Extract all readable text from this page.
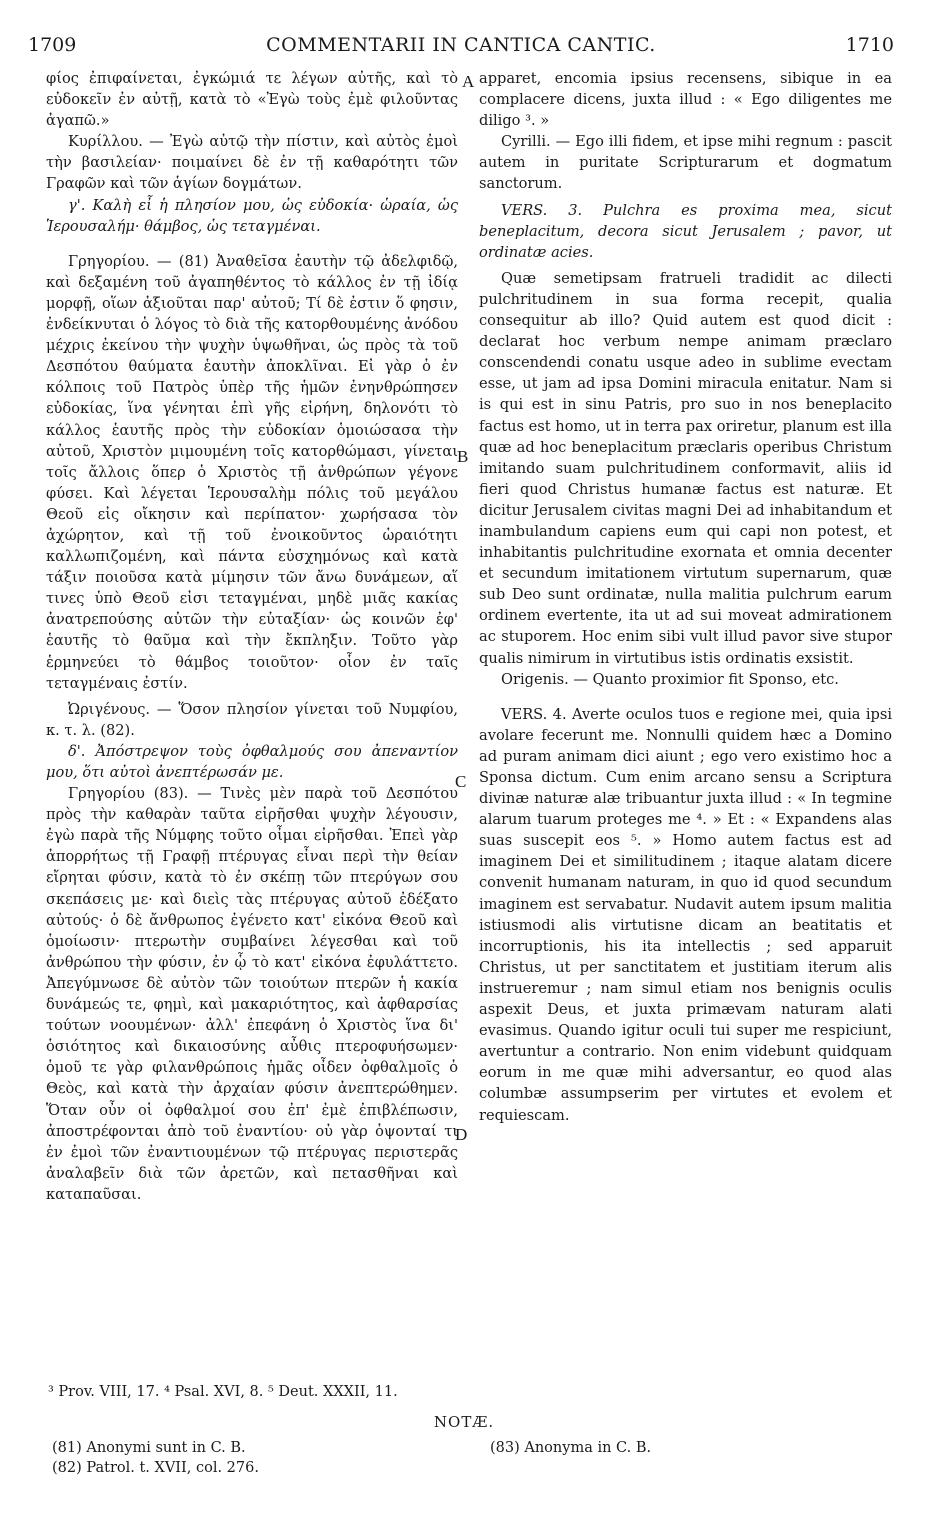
1709	COMMENTARII IN CANTICA CANTIC.	1710

φίος ἐπιφαίνεται, ἐγκώμιά τε λέγων αὐτῆς, καὶ τὸ εὐδοκεῖν ἐν αὐτῇ, κατὰ τὸ «Ἐγὼ τοὺς ἐμὲ φιλοῦντας ἀγαπῶ.»

Κυρίλλου. — Ἐγὼ αὐτῷ τὴν πίστιν, καὶ αὐτὸς ἐμοὶ τὴν βασιλείαν· ποιμαίνει δὲ ἐν τῇ καθαρότητι τῶν Γραφῶν καὶ τῶν ἁγίων δογμάτων.

γ'. Καλὴ εἶ ἡ πλησίον μου, ὡς εὐδοκία· ὡραία, ὡς Ἱερουσαλήμ· θάμβος, ὡς τεταγμέναι.

Γρηγορίου. — (81) Ἀναθεῖσα ἑαυτὴν τῷ ἀδελφιδῷ, καὶ δεξαμένη τοῦ ἀγαπηθέντος τὸ κάλλος ἐν τῇ ἰδίᾳ μορφῇ, οἵων ἀξιοῦται παρ' αὐτοῦ; Τί δὲ ἐστιν ὅ φησιν, ἐνδείκνυται ὁ λόγος τὸ διὰ τῆς κατορθουμένης ἀνόδου μέχρις ἐκείνου τὴν ψυχὴν ὑψωθῆναι, ὡς πρὸς τὰ τοῦ Δεσπότου θαύματα ἑαυτὴν ἀποκλῖναι. Εἰ γὰρ ὁ ἐν κόλποις τοῦ Πατρὸς ὑπὲρ τῆς ἡμῶν ἐνηνθρώπησεν εὐδοκίας, ἵνα γένηται ἐπὶ γῆς εἰρήνη, δηλονότι τὸ κάλλος ἑαυτῆς πρὸς τὴν εὐδοκίαν ὁμοιώσασα τὴν αὐτοῦ, Χριστὸν μιμουμένη τοῖς κατορθώμασι, γίνεται τοῖς ἄλλοις ὅπερ ὁ Χριστὸς τῇ ἀνθρώπων γέγονε φύσει. Καὶ λέγεται Ἱερουσαλὴμ πόλις τοῦ μεγάλου Θεοῦ εἰς οἴκησιν καὶ περίπατον· χωρήσασα τὸν ἀχώρητον, καὶ τῇ τοῦ ἐνοικοῦντος ὡραιότητι καλλωπιζομένη, καὶ πάντα εὐσχημόνως καὶ κατὰ τάξιν ποιοῦσα κατὰ μίμησιν τῶν ἄνω δυνάμεων, αἵ τινες ὑπὸ Θεοῦ εἰσι τεταγμέναι, μηδὲ μιᾶς κακίας ἀνατρεπούσης αὐτῶν τὴν εὐταξίαν· ὡς κοινῶν ἐφ' ἑαυτῆς τὸ θαῦμα καὶ τὴν ἔκπληξιν. Τοῦτο γὰρ ἑρμηνεύει τὸ θάμβος τοιοῦτον· οἷον ἐν ταῖς τεταγμέναις ἐστίν.

Ὠριγένους. — Ὅσον πλησίον γίνεται τοῦ Νυμφίου, κ. τ. λ. (82).

δ'. Ἀπόστρεψον τοὺς ὀφθαλμούς σου ἀπεναντίον μου, ὅτι αὐτοὶ ἀνεπτέρωσάν με.

Γρηγορίου (83). — Τινὲς μὲν παρὰ τοῦ Δεσπότου πρὸς τὴν καθαρὰν ταῦτα εἰρῆσθαι ψυχὴν λέγουσιν, ἐγὼ παρὰ τῆς Νύμφης τοῦτο οἶμαι εἰρῆσθαι. Ἐπεὶ γὰρ ἀπορρήτως τῇ Γραφῇ πτέρυγας εἶναι περὶ τὴν θείαν εἴρηται φύσιν, κατὰ τὸ ἐν σκέπῃ τῶν πτερύγων σου σκεπάσεις με· καὶ διεὶς τὰς πτέρυγας αὐτοῦ ἐδέξατο αὐτούς· ὁ δὲ ἄνθρωπος ἐγένετο κατ' εἰκόνα Θεοῦ καὶ ὁμοίωσιν· πτερωτὴν συμβαίνει λέγεσθαι καὶ τοῦ ἀνθρώπου τὴν φύσιν, ἐν ᾧ τὸ κατ' εἰκόνα ἐφυλάττετο. Ἀπεγύμνωσε δὲ αὐτὸν τῶν τοιούτων πτερῶν ἡ κακία δυνάμεώς τε, φημὶ, καὶ μακαριότητος, καὶ ἀφθαρσίας τούτων νοουμένων· ἀλλ' ἐπεφάνη ὁ Χριστὸς ἵνα δι' ὁσιότητος καὶ δικαιοσύνης αὖθις πτεροφυήσωμεν· ὁμοῦ τε γὰρ φιλανθρώποις ἡμᾶς οἶδεν ὀφθαλμοῖς ὁ Θεὸς, καὶ κατὰ τὴν ἀρχαίαν φύσιν ἀνεπτερώθημεν. Ὅταν οὖν οἱ ὀφθαλμοί σου ἐπ' ἐμὲ ἐπιβλέπωσιν, ἀποστρέφονται ἀπὸ τοῦ ἐναντίου· οὐ γὰρ ὁψονταί τι ἐν ἐμοὶ τῶν ἐναντιουμένων τῷ πτέρυγας περιστερᾶς ἀναλαβεῖν διὰ τῶν ἀρετῶν, καὶ πετασθῆναι καὶ καταπαῦσαι.

apparet, encomia ipsius recensens, sibique in ea complacere dicens, juxta illud : « Ego diligentes me diligo ³. »

Cyrilli. — Ego illi fidem, et ipse mihi regnum : pascit autem in puritate Scripturarum et dogmatum sanctorum.

VERS. 3. Pulchra es proxima mea, sicut beneplacitum, decora sicut Jerusalem ; pavor, ut ordinatæ acies.

Quæ semetipsam fratrueli tradidit ac dilecti pulchritudinem in sua forma recepit, qualia consequitur ab illo? Quid autem est quod dicit : declarat hoc verbum nempe animam præclaro conscendendi conatu usque adeo in sublime evectam esse, ut jam ad ipsa Domini miracula enitatur. Nam si is qui est in sinu Patris, pro suo in nos beneplacito factus est homo, ut in terra pax oriretur, planum est illa quæ ad hoc beneplacitum præclaris operibus Christum imitando suam pulchritudinem conformavit, aliis id fieri quod Christus humanæ factus est naturæ. Et dicitur Jerusalem civitas magni Dei ad inhabitandum et inambulandum capiens eum qui capi non potest, et inhabitantis pulchritudine exornata et omnia decenter et secundum imitationem virtutum supernarum, quæ sub Deo sunt ordinatæ, nulla malitia pulchrum earum ordinem evertente, ita ut ad sui moveat admirationem ac stuporem. Hoc enim sibi vult illud pavor sive stupor qualis nimirum in virtutibus istis ordinatis exsistit.

Origenis. — Quanto proximior fit Sponso, etc.

VERS. 4. Averte oculos tuos e regione mei, quia ipsi avolare fecerunt me. Nonnulli quidem hæc a Domino ad puram animam dici aiunt ; ego vero existimo hoc a Sponsa dictum. Cum enim arcano sensu a Scriptura divinæ naturæ alæ tribuantur juxta illud : « In tegmine alarum tuarum proteges me ⁴. » Et : « Expandens alas suas suscepit eos ⁵. » Homo autem factus est ad imaginem Dei et similitudinem ; itaque alatam dicere convenit humanam naturam, in quo id quod secundum imaginem est servabatur. Nudavit autem ipsum malitia istiusmodi alis virtutisne dicam an beatitatis et incorruptionis, his ita intellectis ; sed apparuit Christus, ut per sanctitatem et justitiam iterum alis instrueremur ; nam simul etiam nos benignis oculis aspexit Deus, et juxta primævam naturam alati evasimus. Quando igitur oculi tui super me respiciunt, avertuntur a contrario. Non enim videbunt quidquam eorum in me quæ mihi adversantur, eo quod alas columbæ assumpserim per virtutes et evolem et requiescam.

A
B
C
D
³ Prov. VIII, 17. ⁴ Psal. XVI, 8. ⁵ Deut. XXXII, 11.
NOTÆ.
(81) Anonymi sunt in C. B.
(82) Patrol. t. XVII, col. 276.
(83) Anonyma in C. B.
